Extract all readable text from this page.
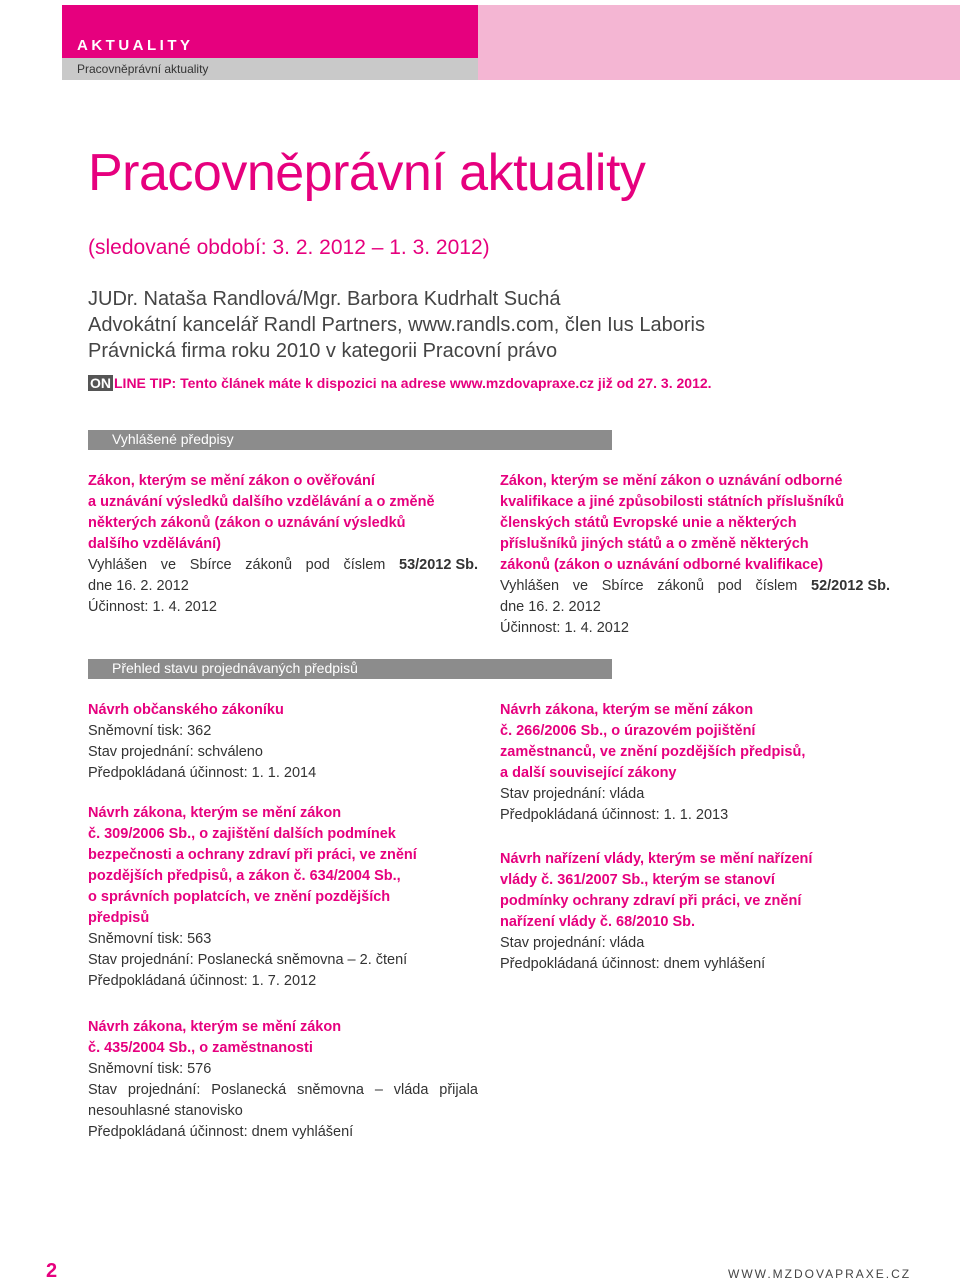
AKTUALITY
Pracovněprávní aktuality
Pracovněprávní aktuality
(sledované období: 3. 2. 2012 – 1. 3. 2012)
JUDr. Nataša Randlová/Mgr. Barbora Kudrhalt Suchá
Advokátní kancelář Randl Partners, www.randls.com, člen Ius Laboris
Právnická firma roku 2010 v kategorii Pracovní právo
ON LINE TIP: Tento článek máte k dispozici na adrese www.mzdovapraxe.cz již od 27. 3. 2012.
Vyhlášené předpisy
Zákon, kterým se mění zákon o ověřování
a uznávání výsledků dalšího vzdělávání a o změně
některých zákonů (zákon o uznávání výsledků
dalšího vzdělávání)
Vyhlášen ve Sbírce zákonů pod číslem 53/2012 Sb.
dne 16. 2. 2012
Účinnost: 1. 4. 2012
Zákon, kterým se mění zákon o uznávání odborné
kvalifikace a jiné způsobilosti státních příslušníků
členských států Evropské unie a některých
příslušníků jiných států a o změně některých
zákonů (zákon o uznávání odborné kvalifikace)
Vyhlášen ve Sbírce zákonů pod číslem 52/2012 Sb.
dne 16. 2. 2012
Účinnost: 1. 4. 2012
Přehled stavu projednávaných předpisů
Návrh občanského zákoníku
Sněmovní tisk: 362
Stav projednání: schváleno
Předpokládaná účinnost: 1. 1. 2014
Návrh zákona, kterým se mění zákon
č. 309/2006 Sb., o zajištění dalších podmínek
bezpečnosti a ochrany zdraví při práci, ve znění
pozdějších předpisů, a zákon č. 634/2004 Sb.,
o správních poplatcích, ve znění pozdějších
předpisů
Sněmovní tisk: 563
Stav projednání: Poslanecká sněmovna – 2. čtení
Předpokládaná účinnost: 1. 7. 2012
Návrh zákona, kterým se mění zákon
č. 435/2004 Sb., o zaměstnanosti
Sněmovní tisk: 576
Stav projednání: Poslanecká sněmovna – vláda přijala
nesouhlasné stanovisko
Předpokládaná účinnost: dnem vyhlášení
Návrh zákona, kterým se mění zákon
č. 266/2006 Sb., o úrazovém pojištění
zaměstnanců, ve znění pozdějších předpisů,
a další související zákony
Stav projednání: vláda
Předpokládaná účinnost: 1. 1. 2013
Návrh nařízení vlády, kterým se mění nařízení
vlády č. 361/2007 Sb., kterým se stanoví
podmínky ochrany zdraví při práci, ve znění
nařízení vlády č. 68/2010 Sb.
Stav projednání: vláda
Předpokládaná účinnost: dnem vyhlášení
2	WWW.MZDOVAPRAXE.CZ
